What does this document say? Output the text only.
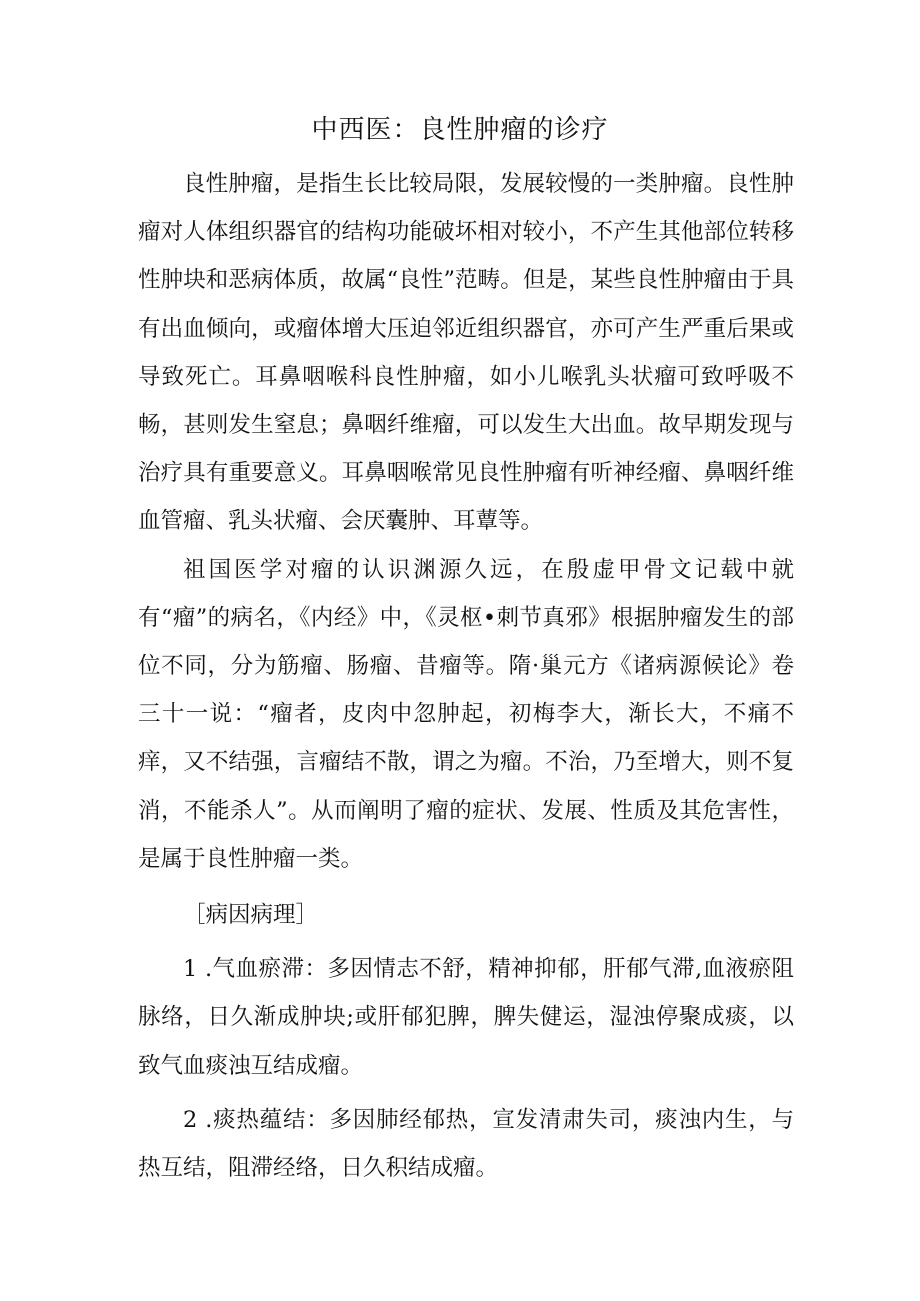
中西医：良性肿瘤的诊疗

良性肿瘤，是指生长比较局限，发展较慢的一类肿瘤。良性肿瘤对人体组织器官的结构功能破坏相对较小，不产生其他部位转移性肿块和恶病体质，故属“良性”范畴。但是，某些良性肿瘤由于具有出血倾向，或瘤体增大压迫邻近组织器官，亦可产生严重后果或导致死亡。耳鼻咽喉科良性肿瘤，如小儿喉乳头状瘤可致呼吸不畅，甚则发生窒息；鼻咽纤维瘤，可以发生大出血。故早期发现与治疗具有重要意义。耳鼻咽喉常见良性肿瘤有听神经瘤、鼻咽纤维血管瘤、乳头状瘤、会厌囊肿、耳蕈等。

祖国医学对瘤的认识渊源久远，在殷虚甲骨文记载中就有“瘤”的病名，《内经》中，《灵枢•刺节真邪》根据肿瘤发生的部位不同，分为筋瘤、肠瘤、昔瘤等。隋·巢元方《诸病源候论》卷三十一说：“瘤者，皮肉中忽肿起，初梅李大，渐长大，不痛不痒，又不结强，言瘤结不散，谓之为瘤。不治，乃至增大，则不复消，不能杀人”。从而阐明了瘤的症状、发展、性质及其危害性，是属于良性肿瘤一类。

［病因病理］

1 .气血瘀滞：多因情志不舒，精神抑郁，肝郁气滞,血液瘀阻脉络，日久渐成肿块;或肝郁犯脾，脾失健运，湿浊停聚成痰，以致气血痰浊互结成瘤。

2 .痰热蕴结：多因肺经郁热，宣发清肃失司，痰浊内生，与热互结，阻滞经络，日久积结成瘤。
